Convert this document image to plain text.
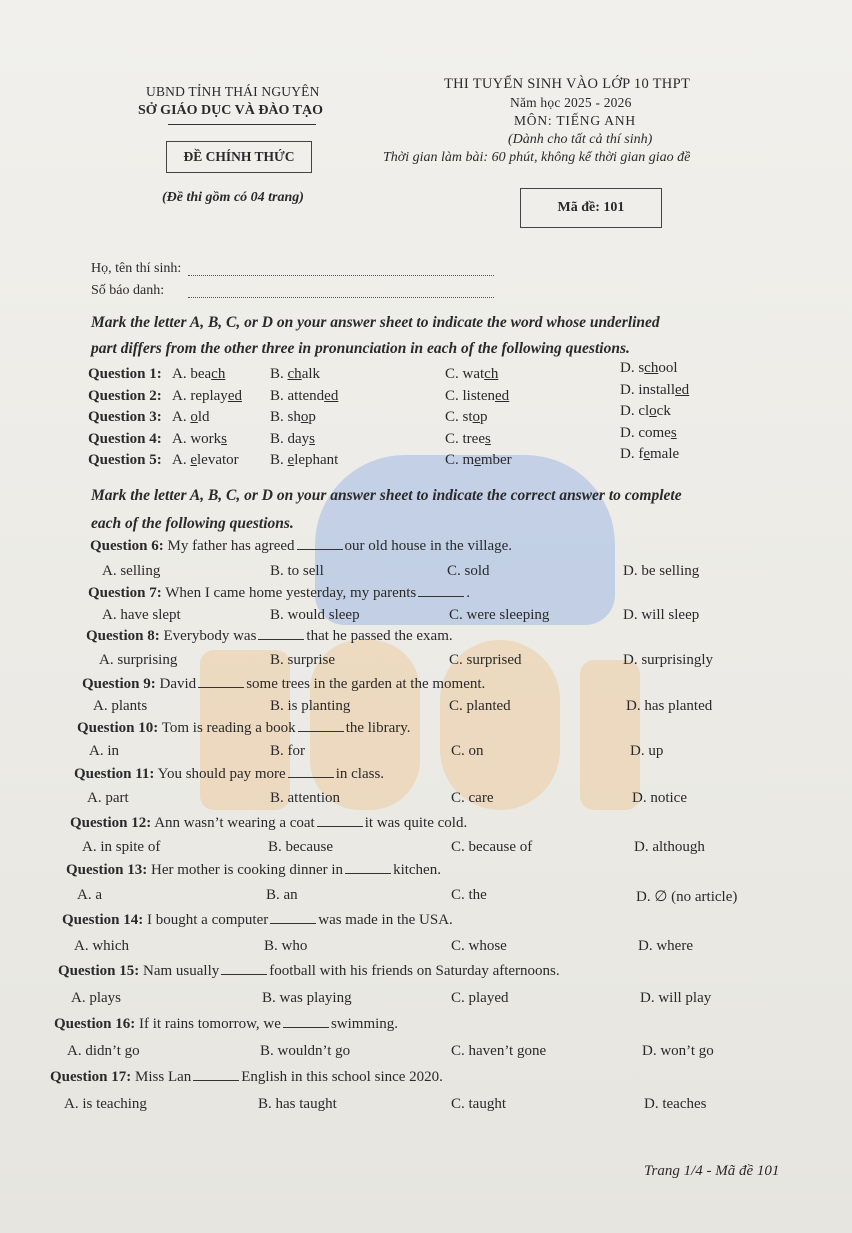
UBND TỈNH THÁI NGUYÊN
SỞ GIÁO DỤC VÀ ĐÀO TẠO
ĐỀ CHÍNH THỨC
(Đề thi gồm có 04 trang)
THI TUYỂN SINH VÀO LỚP 10 THPT
Năm học 2025 - 2026
MÔN: TIẾNG ANH
(Dành cho tất cả thí sinh)
Thời gian làm bài: 60 phút, không kể thời gian giao đề
Mã đề: 101
Họ, tên thí sinh:
Số báo danh:
Mark the letter A, B, C, or D on your answer sheet to indicate the word whose underlined
part differs from the other three in pronunciation in each of the following questions.
Question 1: A. beach	B. chalk	C. watch	D. school
Question 2: A. replayed B. attended	C. listened	D. installed
Question 3: A. old	B. shop	C. stop	D. clock
Question 4: A. works	B. days	C. trees	D. comes
Question 5: A. elevator B. elephant	C. member	D. female
Mark the letter A, B, C, or D on your answer sheet to indicate the correct answer to complete
each of the following questions.
Question 6: My father has agreed	our old house in the village.
A. selling	B. to sell	C. sold	D. be selling
Question 7: When I came home yesterday, my parents	.
A. have slept	B. would sleep	C. were sleeping	D. will sleep
Question 8: Everybody was	that he passed the exam.
A. surprising	B. surprise	C. surprised	D. surprisingly
Question 9: David	some trees in the garden at the moment.
A. plants	B. is planting	C. planted	D. has planted
Question 10: Tom is reading a book	the library.
A. in	B. for	C. on	D. up
Question 11: You should pay more	in class.
A. part	B. attention	C. care	D. notice
Question 12: Ann wasn’t wearing a coat	it was quite cold.
A. in spite of	B. because	C. because of	D. although
Question 13: Her mother is cooking dinner in	kitchen.
A. a	B. an	C. the	D. ∅ (no article)
Question 14: I bought a computer	was made in the USA.
A. which	B. who	C. whose	D. where
Question 15: Nam usually	football with his friends on Saturday afternoons.
A. plays	B. was playing	C. played	D. will play
Question 16: If it rains tomorrow, we	swimming.
A. didn’t go	B. wouldn’t go	C. haven’t gone	D. won’t go
Question 17: Miss Lan	English in this school since 2020.
A. is teaching	B. has taught	C. taught	D. teaches
Trang 1/4 - Mã đề 101
